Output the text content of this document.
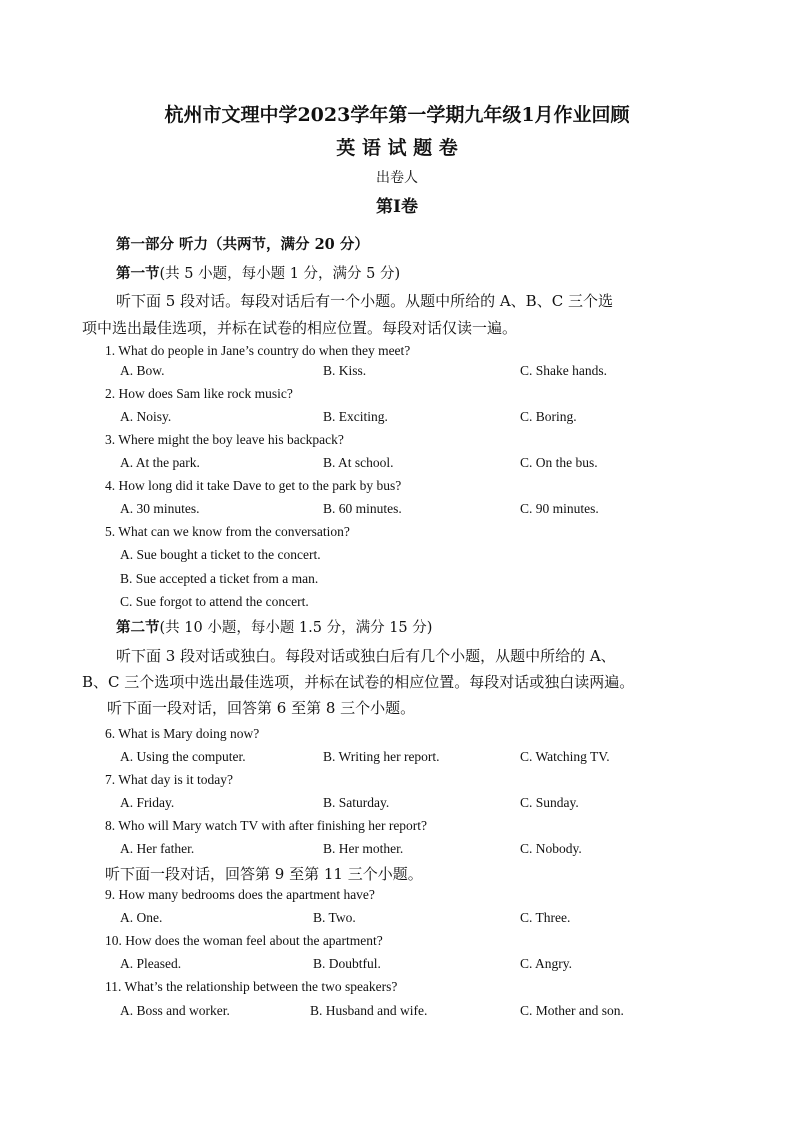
杭州市文理中学2023学年第一学期九年级1月作业回顾
英 语 试 题 卷
出卷人
第I卷
第一部分 听力（共两节，满分 20 分）
第一节(共 5 小题，每小题 1 分，满分 5 分)
听下面 5 段对话。每段对话后有一个小题。从题中所给的 A、B、C 三个选
项中选出最佳选项，并标在试卷的相应位置。每段对话仅读一遍。
1. What do people in Jane’s country do when they meet?
A. Bow.	B. Kiss.	C. Shake hands.
2. How does Sam like rock music?
A. Noisy.	B. Exciting.	C. Boring.
3. Where might the boy leave his backpack?
A. At the park.	B. At school.	C. On the bus.
4. How long did it take Dave to get to the park by bus?
A. 30 minutes.	B. 60 minutes.	C. 90 minutes.
5. What can we know from the conversation?
A. Sue bought a ticket to the concert.
B. Sue accepted a ticket from a man.
C. Sue forgot to attend the concert.
第二节(共 10 小题，每小题 1.5 分，满分 15 分)
听下面 3 段对话或独白。每段对话或独白后有几个小题，从题中所给的 A、
B、C 三个选项中选出最佳选项，并标在试卷的相应位置。每段对话或独白读两遍。
听下面一段对话，回答第 6 至第 8 三个小题。
6. What is Mary doing now?
A. Using the computer.	B. Writing her report.	C. Watching TV.
7. What day is it today?
A. Friday.	B. Saturday.	C. Sunday.
8. Who will Mary watch TV with after finishing her report?
A. Her father.	B. Her mother.	C. Nobody.
听下面一段对话，回答第 9 至第 11 三个小题。
9. How many bedrooms does the apartment have?
A. One.	B. Two.	C. Three.
10. How does the woman feel about the apartment?
A. Pleased.	B. Doubtful.	C. Angry.
11. What’s the relationship between the two speakers?
A. Boss and worker.	B. Husband and wife.	C. Mother and son.
